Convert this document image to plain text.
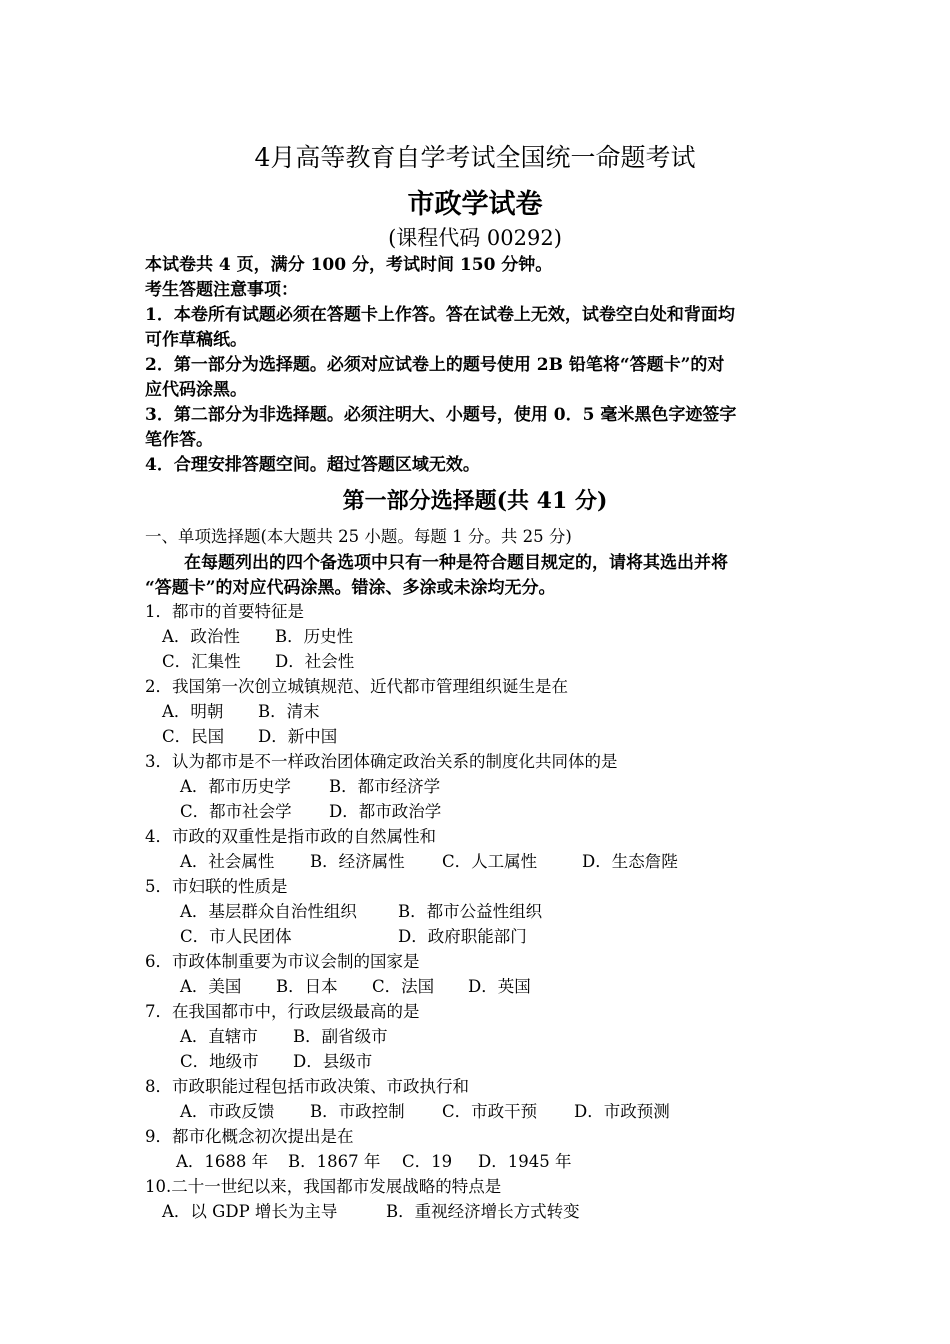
4月高等教育自学考试全国统一命题考试
市政学试卷
(课程代码 00292)
本试卷共 4 页，满分 100 分，考试时间 150 分钟。
考生答题注意事项：
1．本卷所有试题必须在答题卡上作答。答在试卷上无效，试卷空白处和背面均
可作草稿纸。
2．第一部分为选择题。必须对应试卷上的题号使用 2B 铅笔将“答题卡”的对
应代码涂黑。
3．第二部分为非选择题。必须注明大、小题号，使用 0．5 毫米黑色字迹签字
笔作答。
4．合理安排答题空间。超过答题区域无效。
第一部分选择题(共 41 分)
一、单项选择题(本大题共 25 小题。每题 1 分。共 25 分)
在每题列出的四个备选项中只有一种是符合题目规定的，请将其选出并将
“答题卡”的对应代码涂黑。错涂、多涂或未涂均无分。
1．都市的首要特征是
A．政治性 B．历史性
C．汇集性 D．社会性
2．我国第一次创立城镇规范、近代都市管理组织诞生是在
A．明朝 B．清末
C．民国 D．新中国
3．认为都市是不一样政治团体确定政治关系的制度化共同体的是
A．都市历史学 B．都市经济学
C．都市社会学 D．都市政治学
4．市政的双重性是指市政的自然属性和
A．社会属性 B．经济属性 C．人工属性	D．生态詹陛
5．市妇联的性质是
A．基层群众自治性组织 B．都市公益性组织
C．市人民团体	D．政府职能部门
6．市政体制重要为市议会制的国家是
A．美国 B．日本 C．法国 D．英国
7．在我国都市中，行政层级最高的是
A．直辖市 B．副省级市
C．地级市 D．县级市
8．市政职能过程包括市政决策、市政执行和
A．市政反馈 B．市政控制 C．市政干预 D．市政预测
9．都市化概念初次提出是在
A．1688 年 B．1867 年 C．19 D．1945 年
10.二十一世纪以来，我国都市发展战略的特点是
A．以 GDP 增长为主导	B．重视经济增长方式转变
